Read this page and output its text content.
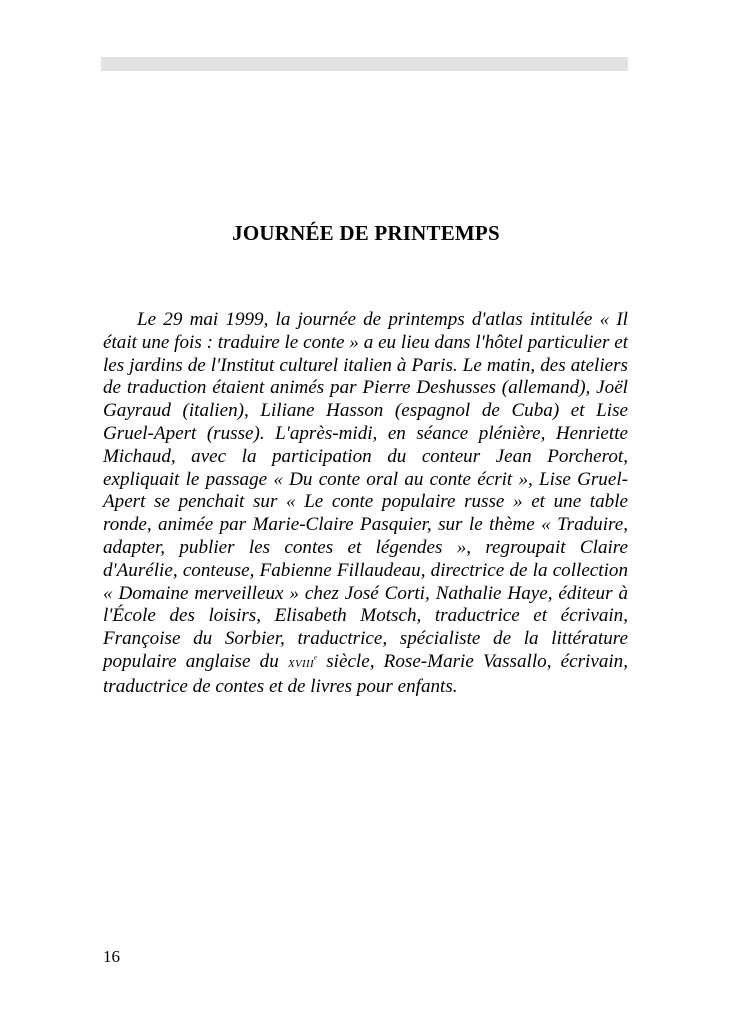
JOURNÉE DE PRINTEMPS

Le 29 mai 1999, la journée de printemps d'atlas intitulée « Il était une fois : traduire le conte » a eu lieu dans l'hôtel particulier et les jardins de l'Institut culturel italien à Paris. Le matin, des ateliers de traduction étaient animés par Pierre Deshusses (allemand), Joël Gayraud (italien), Liliane Hasson (espagnol de Cuba) et Lise Gruel-Apert (russe). L'après-midi, en séance plénière, Henriette Michaud, avec la participation du conteur Jean Porcherot, expliquait le passage « Du conte oral au conte écrit », Lise Gruel-Apert se penchait sur « Le conte populaire russe » et une table ronde, animée par Marie-Claire Pasquier, sur le thème « Traduire, adapter, publier les contes et légendes », regroupait Claire d'Aurélie, conteuse, Fabienne Fillaudeau, directrice de la collection « Domaine merveilleux » chez José Corti, Nathalie Haye, éditeur à l'École des loisirs, Elisabeth Motsch, traductrice et écrivain, Françoise du Sorbier, traductrice, spécialiste de la littérature populaire anglaise du XVIIIe siècle, Rose-Marie Vassallo, écrivain, traductrice de contes et de livres pour enfants.

16
